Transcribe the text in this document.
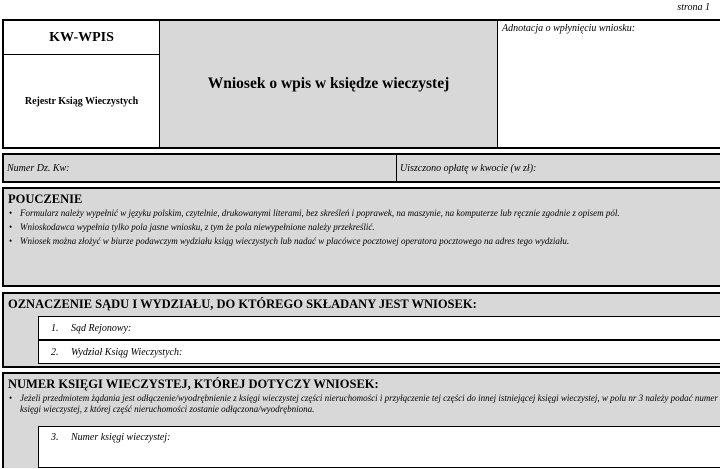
strona 1
KW-WPIS
Rejestr Ksiąg Wieczystych
Wniosek o wpis w księdze wieczystej
Adnotacja o wpłynięciu wniosku:
Numer Dz. Kw:	Uiszczono opłatę w kwocie (w zł):
POUCZENIE
• Formularz należy wypełnić w języku polskim, czytelnie, drukowanymi literami, bez skreśleń i poprawek, na maszynie, na komputerze lub ręcznie zgodnie z opisem pól.
• Wnioskodawca wypełnia tylko pola jasne wniosku, z tym że pola niewypełnione należy przekreślić.
• Wniosek można złożyć w biurze podawczym wydziału ksiąg wieczystych lub nadać w placówce pocztowej operatora pocztowego na adres tego wydziału.
OZNACZENIE SĄDU I WYDZIAŁU, DO KTÓREGO SKŁADANY JEST WNIOSEK:
1. Sąd Rejonowy:
2. Wydział Ksiąg Wieczystych:
NUMER KSIĘGI WIECZYSTEJ, KTÓREJ DOTYCZY WNIOSEK:
• Jeżeli przedmiotem żądania jest odłączenie/wyodrębnienie z księgi wieczystej części nieruchomości i przyłączenie tej części do innej istniejącej księgi wieczystej, w polu nr 3 należy podać numer księgi wieczystej, z której część nieruchomości zostanie odłączona/wyodrębniona.
3. Numer księgi wieczystej:
